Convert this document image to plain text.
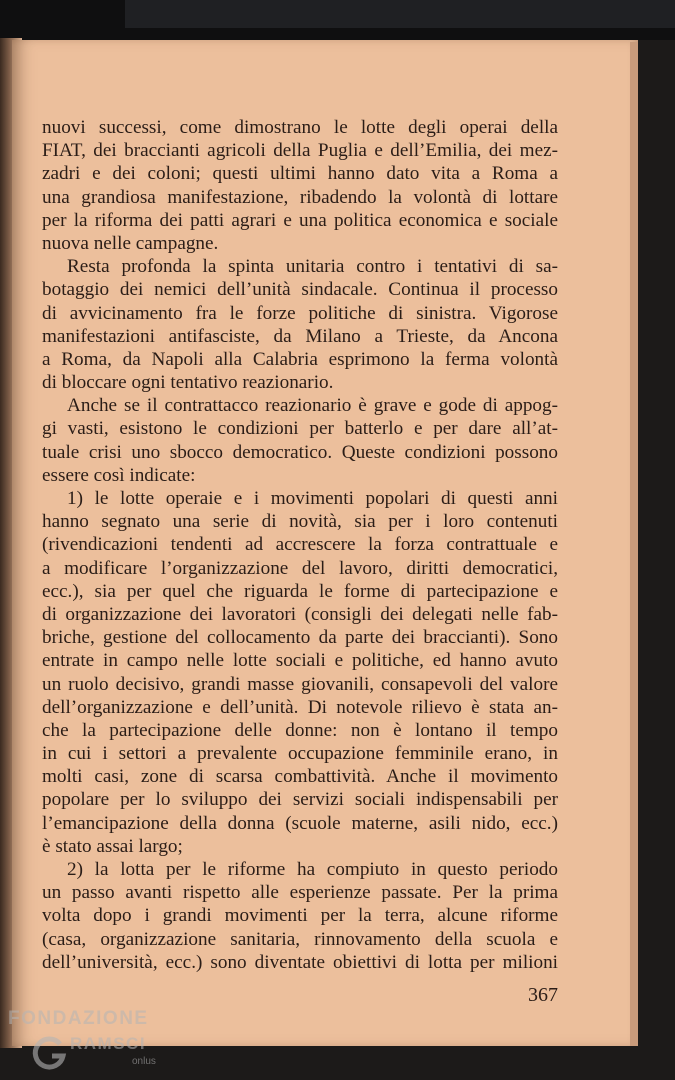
nuovi successi, come dimostrano le lotte degli operai della
FIAT, dei braccianti agricoli della Puglia e dell’Emilia, dei mez-
zadri e dei coloni; questi ultimi hanno dato vita a Roma a
una grandiosa manifestazione, ribadendo la volontà di lottare
per la riforma dei patti agrari e una politica economica e sociale
nuova nelle campagne.
Resta profonda la spinta unitaria contro i tentativi di sa-
botaggio dei nemici dell’unità sindacale. Continua il processo
di avvicinamento fra le forze politiche di sinistra. Vigorose
manifestazioni antifasciste, da Milano a Trieste, da Ancona
a Roma, da Napoli alla Calabria esprimono la ferma volontà
di bloccare ogni tentativo reazionario.
Anche se il contrattacco reazionario è grave e gode di appog-
gi vasti, esistono le condizioni per batterlo e per dare all’at-
tuale crisi uno sbocco democratico. Queste condizioni possono
essere così indicate:
1) le lotte operaie e i movimenti popolari di questi anni
hanno segnato una serie di novità, sia per i loro contenuti
(rivendicazioni tendenti ad accrescere la forza contrattuale e
a modificare l’organizzazione del lavoro, diritti democratici,
ecc.), sia per quel che riguarda le forme di partecipazione e
di organizzazione dei lavoratori (consigli dei delegati nelle fab-
briche, gestione del collocamento da parte dei braccianti). Sono
entrate in campo nelle lotte sociali e politiche, ed hanno avuto
un ruolo decisivo, grandi masse giovanili, consapevoli del valore
dell’organizzazione e dell’unità. Di notevole rilievo è stata an-
che la partecipazione delle donne: non è lontano il tempo
in cui i settori a prevalente occupazione femminile erano, in
molti casi, zone di scarsa combattività. Anche il movimento
popolare per lo sviluppo dei servizi sociali indispensabili per
l’emancipazione della donna (scuole materne, asili nido, ecc.)
è stato assai largo;
2) la lotta per le riforme ha compiuto in questo periodo
un passo avanti rispetto alle esperienze passate. Per la prima
volta dopo i grandi movimenti per la terra, alcune riforme
(casa, organizzazione sanitaria, rinnovamento della scuola e
dell’università, ecc.) sono diventate obiettivi di lotta per milioni
367
FONDAZIONE
RAMSCI
onlus
